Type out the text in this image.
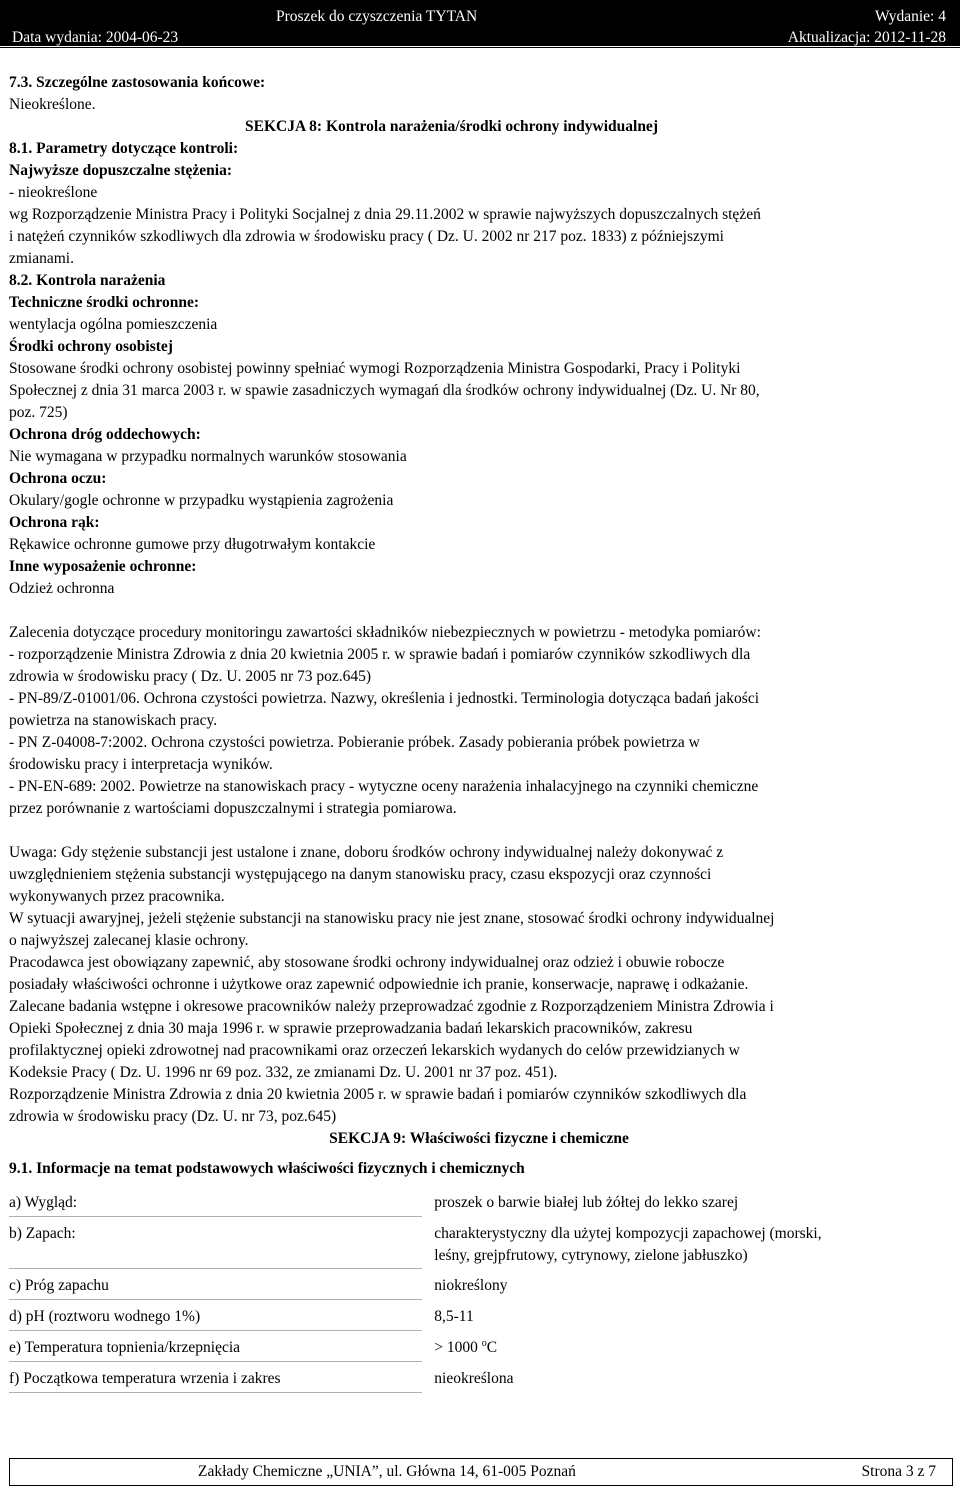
Proszek do czyszczenia TYTAN	Wydanie: 4
Data wydania: 2004-06-23	Aktualizacja: 2012-11-28

7.3. Szczególne zastosowania końcowe:

Nieokreślone.

SEKCJA 8: Kontrola narażenia/środki ochrony indywidualnej

8.1. Parametry dotyczące kontroli:

Najwyższe dopuszczalne stężenia:

- nieokreślone

wg Rozporządzenie Ministra Pracy i Polityki Socjalnej z dnia 29.11.2002 w sprawie najwyższych dopuszczalnych stężeń

i natężeń czynników szkodliwych dla zdrowia w środowisku pracy ( Dz. U. 2002 nr 217 poz. 1833) z późniejszymi

zmianami.

8.2. Kontrola narażenia

Techniczne środki ochronne:

wentylacja ogólna pomieszczenia

Środki ochrony osobistej

Stosowane środki ochrony osobistej powinny spełniać wymogi Rozporządzenia Ministra Gospodarki, Pracy i Polityki

Społecznej z dnia 31 marca 2003 r. w spawie zasadniczych wymagań dla środków ochrony indywidualnej (Dz. U. Nr 80,

poz. 725)

Ochrona dróg oddechowych:

Nie wymagana w przypadku normalnych warunków stosowania

Ochrona oczu:

Okulary/gogle ochronne w przypadku wystąpienia zagrożenia

Ochrona rąk:

Rękawice ochronne gumowe przy długotrwałym kontakcie

Inne wyposażenie ochronne:

Odzież ochronna

Zalecenia dotyczące procedury monitoringu zawartości składników niebezpiecznych w powietrzu - metodyka pomiarów:

- rozporządzenie Ministra Zdrowia z dnia 20 kwietnia 2005 r. w sprawie badań i pomiarów czynników szkodliwych dla

zdrowia w środowisku pracy ( Dz. U. 2005 nr 73 poz.645)

- PN-89/Z-01001/06. Ochrona czystości powietrza. Nazwy, określenia i jednostki. Terminologia dotycząca badań jakości

powietrza na stanowiskach pracy.

- PN Z-04008-7:2002. Ochrona czystości powietrza. Pobieranie próbek. Zasady pobierania próbek powietrza w

środowisku pracy i interpretacja wyników.

- PN-EN-689: 2002. Powietrze na stanowiskach pracy - wytyczne oceny narażenia inhalacyjnego na czynniki chemiczne

przez porównanie z wartościami dopuszczalnymi i strategia pomiarowa.

Uwaga: Gdy stężenie substancji jest ustalone i znane, doboru środków ochrony indywidualnej należy dokonywać z

uwzględnieniem stężenia substancji występującego na danym stanowisku pracy, czasu ekspozycji oraz czynności

wykonywanych przez pracownika.

W sytuacji awaryjnej, jeżeli stężenie substancji na stanowisku pracy nie jest znane, stosować środki ochrony indywidualnej

o najwyższej zalecanej klasie ochrony.

Pracodawca jest obowiązany zapewnić, aby stosowane środki ochrony indywidualnej oraz odzież i obuwie robocze

posiadały właściwości ochronne i użytkowe oraz zapewnić odpowiednie ich pranie, konserwacje, naprawę i odkażanie.

Zalecane badania wstępne i okresowe pracowników należy przeprowadzać zgodnie z Rozporządzeniem Ministra Zdrowia i

Opieki Społecznej z dnia 30 maja 1996 r. w sprawie przeprowadzania badań lekarskich pracowników, zakresu

profilaktycznej opieki zdrowotnej nad pracownikami oraz orzeczeń lekarskich wydanych do celów przewidzianych w

Kodeksie Pracy ( Dz. U. 1996 nr 69 poz. 332, ze zmianami Dz. U. 2001 nr 37 poz. 451).

Rozporządzenie Ministra Zdrowia z dnia 20 kwietnia 2005 r. w sprawie badań i pomiarów czynników szkodliwych dla

zdrowia w środowisku pracy (Dz. U. nr 73, poz.645)

SEKCJA 9: Właściwości fizyczne i chemiczne

9.1. Informacje na temat podstawowych właściwości fizycznych i chemicznych

a) Wygląd:	proszek o barwie białej lub żółtej do lekko szarej

b) Zapach:	charakterystyczny dla użytej kompozycji zapachowej (morski,
leśny, grejpfrutowy, cytrynowy, zielone jabłuszko)

c) Próg zapachu	niokreślony

d) pH (roztworu wodnego 1%)	8,5-11

e) Temperatura topnienia/krzepnięcia	> 1000 $^o$C

f) Początkowa temperatura wrzenia i zakres	nieokreślona
Zakłady Chemiczne „UNIA”, ul. Główna 14, 61-005 Poznań	Strona 3 z 7
